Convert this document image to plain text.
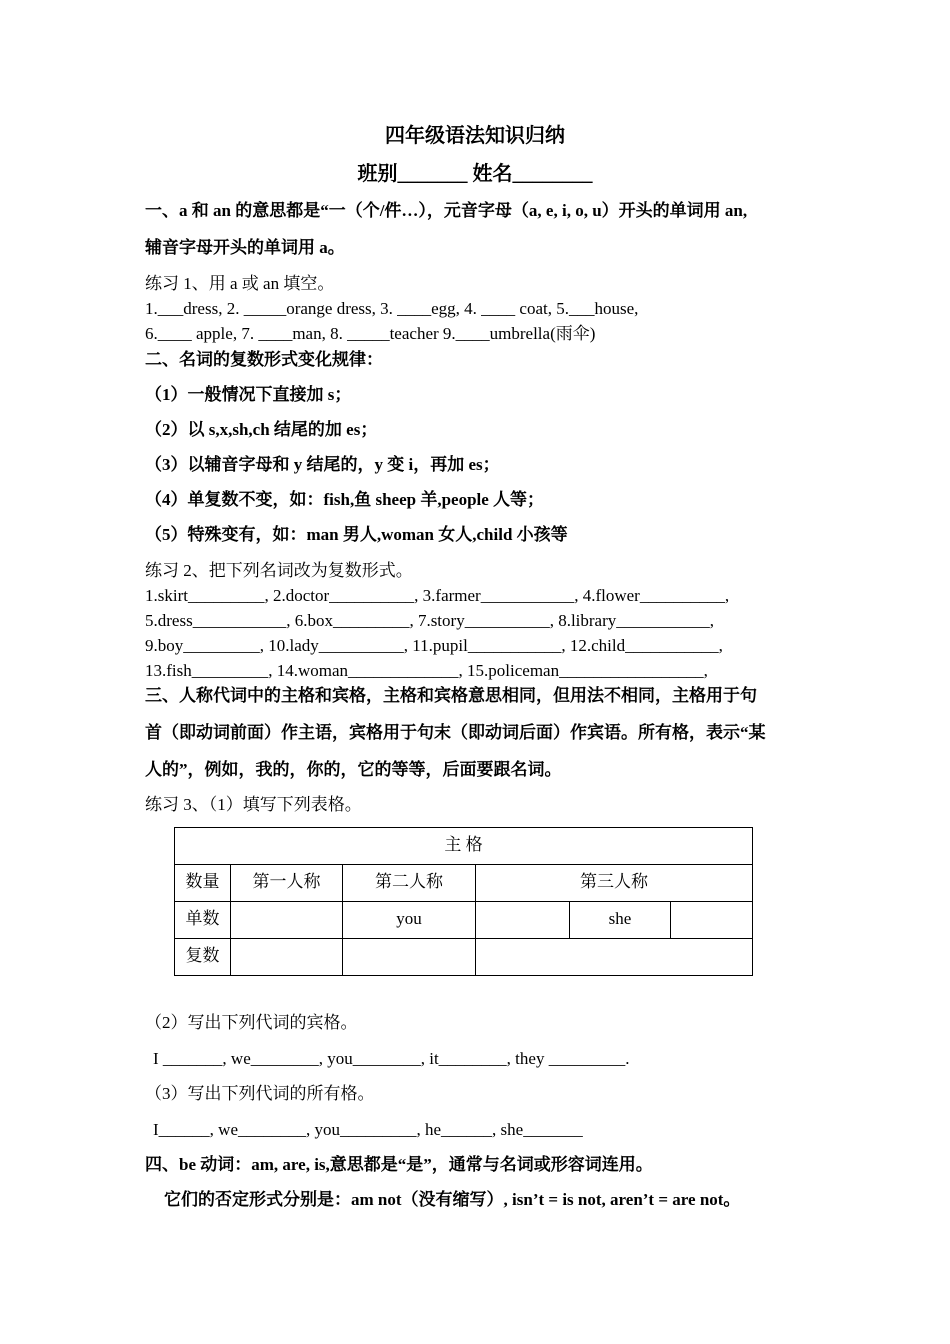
四年级语法知识归纳
班别_______ 姓名________
一、a 和 an 的意思都是“一（个/件…），元音字母（a, e, i, o, u）开头的单词用 an,
辅音字母开头的单词用 a。
练习 1、用 a 或 an 填空。
1.___dress, 2. _____orange dress, 3. ____egg, 4. ____ coat, 5.___house,
6.____ apple, 7. ____man, 8. _____teacher 9.____umbrella(雨伞)
二、名词的复数形式变化规律：
（1）一般情况下直接加 s；
（2）以 s,x,sh,ch 结尾的加 es；
（3）以辅音字母和 y 结尾的，y 变 i，再加 es；
（4）单复数不变，如：fish,鱼 sheep 羊,people 人等；
（5）特殊变有，如：man 男人,woman 女人,child 小孩等
练习 2、把下列名词改为复数形式。
1.skirt_________, 2.doctor__________, 3.farmer___________, 4.flower__________,
5.dress___________, 6.box_________, 7.story__________, 8.library___________,
9.boy_________, 10.lady__________, 11.pupil___________, 12.child___________,
13.fish_________, 14.woman_____________, 15.policeman_________________,
三、人称代词中的主格和宾格，主格和宾格意思相同，但用法不相同，主格用于句
首（即动词前面）作主语，宾格用于句末（即动词后面）作宾语。所有格，表示“某
人的”，例如，我的，你的，它的等等，后面要跟名词。
练习 3、（1）填写下列表格。
主 格					

数量	第一人称	第二人称	第三人称		

单数		you		she	

复数					

（2）写出下列代词的宾格。
I _______, we________, you________, it________, they _________.
（3）写出下列代词的所有格。
I______, we________, you_________, he______, she_______
四、be 动词：am, are, is,意思都是“是”，通常与名词或形容词连用。
它们的否定形式分别是：am not（没有缩写）, isn’t = is not, aren’t = are not。
